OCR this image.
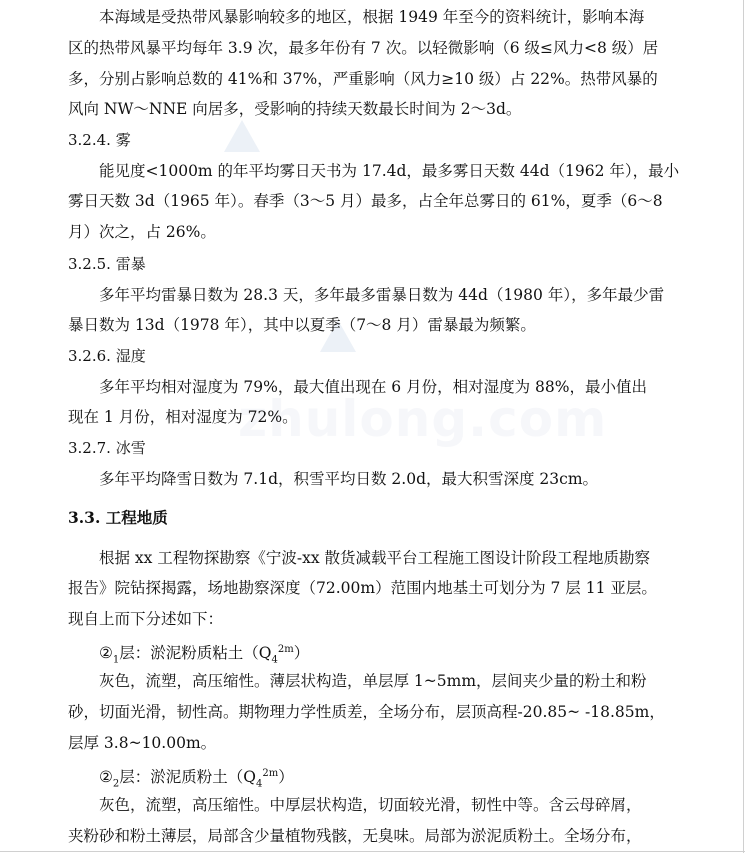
zhulong.com
本海域是受热带风暴影响较多的地区，根据 1949 年至今的资料统计，影响本海
区的热带风暴平均每年 3.9 次，最多年份有 7 次。以轻微影响（6 级≤风力<8 级）居
多，分别占影响总数的 41%和 37%，严重影响（风力≥10 级）占 22%。热带风暴的
风向 NW～NNE 向居多，受影响的持续天数最长时间为 2～3d。
3.2.4. 雾
能见度<1000m 的年平均雾日天书为 17.4d，最多雾日天数 44d（1962 年），最小
雾日天数 3d（1965 年）。春季（3～5 月）最多，占全年总雾日的 61%，夏季（6～8
月）次之，占 26%。
3.2.5. 雷暴
多年平均雷暴日数为 28.3 天，多年最多雷暴日数为 44d（1980 年），多年最少雷
暴日数为 13d（1978 年），其中以夏季（7～8 月）雷暴最为频繁。
3.2.6. 湿度
多年平均相对湿度为 79%，最大值出现在 6 月份，相对湿度为 88%，最小值出
现在 1 月份，相对湿度为 72%。
3.2.7. 冰雪
多年平均降雪日数为 7.1d，积雪平均日数 2.0d，最大积雪深度 23cm。
3.3. 工程地质
根据 xx 工程物探勘察《宁波-xx 散货减载平台工程施工图设计阶段工程地质勘察
报告》院钻探揭露，场地勘察深度（72.00m）范围内地基土可划分为 7 层 11 亚层。
现自上而下分述如下：
$②_1$层：淤泥粉质粘土$(Q_4^{2m})$
灰色，流塑，高压缩性。薄层状构造，单层厚 1~5mm，层间夹少量的粉土和粉
砂，切面光滑，韧性高。期物理力学性质差，全场分布，层顶高程-20.85~ -18.85m，
层厚 3.8~10.00m。
$②_2$层：淤泥质粉土$(Q_4^{2m})$
灰色，流塑，高压缩性。中厚层状构造，切面较光滑，韧性中等。含云母碎屑，
夹粉砂和粉土薄层，局部含少量植物残骸，无臭味。局部为淤泥质粉土。全场分布，
